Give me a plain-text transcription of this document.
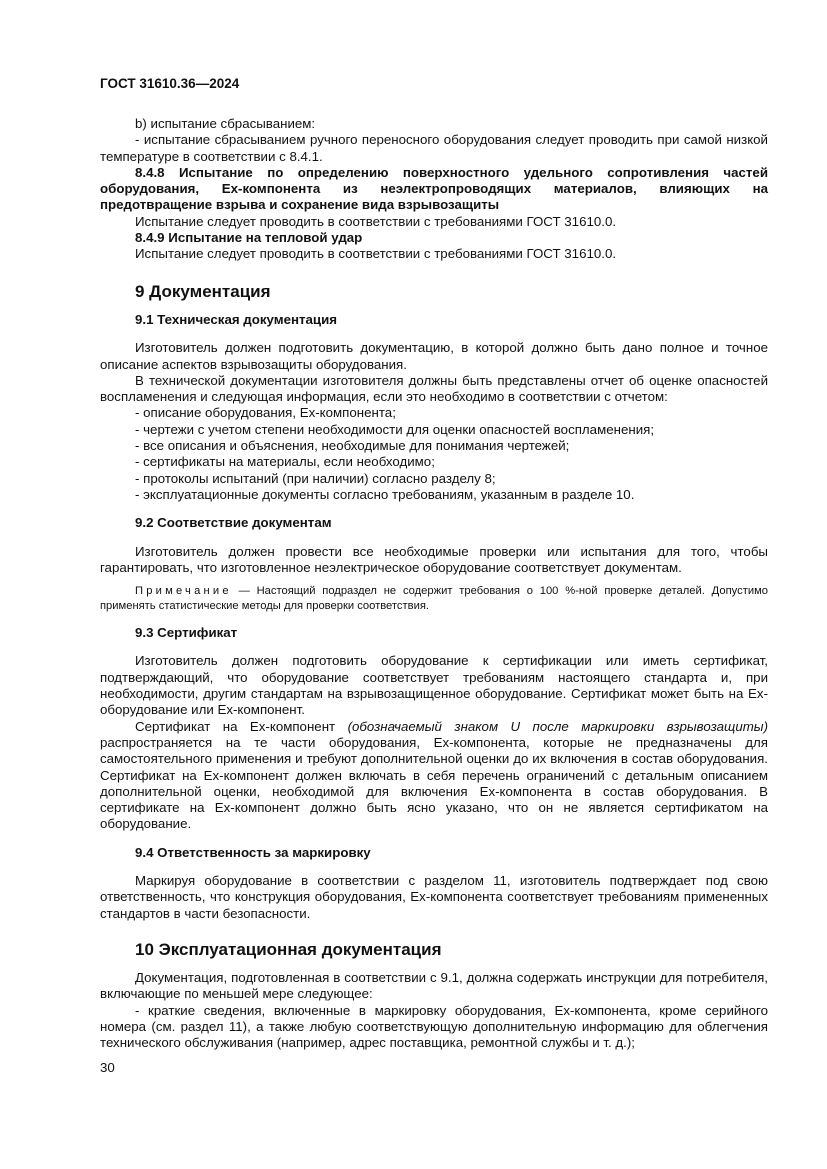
ГОСТ 31610.36—2024

b) испытание сбрасыванием:

- испытание сбрасыванием ручного переносного оборудования следует проводить при самой низкой температуре в соответствии с 8.4.1.

8.4.8 Испытание по определению поверхностного удельного сопротивления частей оборудования, Ex-компонента из неэлектропроводящих материалов, влияющих на предотвращение взрыва и сохранение вида взрывозащиты

Испытание следует проводить в соответствии с требованиями ГОСТ 31610.0.

8.4.9 Испытание на тепловой удар

Испытание следует проводить в соответствии с требованиями ГОСТ 31610.0.

9 Документация
9.1 Техническая документация

Изготовитель должен подготовить документацию, в которой должно быть дано полное и точное описание аспектов взрывозащиты оборудования.

В технической документации изготовителя должны быть представлены отчет об оценке опасностей воспламенения и следующая информация, если это необходимо в соответствии с отчетом:

- описание оборудования, Ex-компонента;

- чертежи с учетом степени необходимости для оценки опасностей воспламенения;

- все описания и объяснения, необходимые для понимания чертежей;

- сертификаты на материалы, если необходимо;

- протоколы испытаний (при наличии) согласно разделу 8;

- эксплуатационные документы согласно требованиям, указанным в разделе 10.

9.2 Соответствие документам

Изготовитель должен провести все необходимые проверки или испытания для того, чтобы гарантировать, что изготовленное неэлектрическое оборудование соответствует документам.

Примечание — Настоящий подраздел не содержит требования о 100 %-ной проверке деталей. Допустимо применять статистические методы для проверки соответствия.

9.3 Сертификат

Изготовитель должен подготовить оборудование к сертификации или иметь сертификат, подтверждающий, что оборудование соответствует требованиям настоящего стандарта и, при необходимости, другим стандартам на взрывозащищенное оборудование. Сертификат может быть на Ex-оборудование или Ex-компонент.

Сертификат на Ex-компонент (обозначаемый знаком U после маркировки взрывозащиты) распространяется на те части оборудования, Ex-компонента, которые не предназначены для самостоятельного применения и требуют дополнительной оценки до их включения в состав оборудования. Сертификат на Ex-компонент должен включать в себя перечень ограничений с детальным описанием дополнительной оценки, необходимой для включения Ex-компонента в состав оборудования. В сертификате на Ex-компонент должно быть ясно указано, что он не является сертификатом на оборудование.

9.4 Ответственность за маркировку

Маркируя оборудование в соответствии с разделом 11, изготовитель подтверждает под свою ответственность, что конструкция оборудования, Ex-компонента соответствует требованиям примененных стандартов в части безопасности.

10 Эксплуатационная документация

Документация, подготовленная в соответствии с 9.1, должна содержать инструкции для потребителя, включающие по меньшей мере следующее:

- краткие сведения, включенные в маркировку оборудования, Ex-компонента, кроме серийного номера (см. раздел 11), а также любую соответствующую дополнительную информацию для облегчения технического обслуживания (например, адрес поставщика, ремонтной службы и т. д.);

30
